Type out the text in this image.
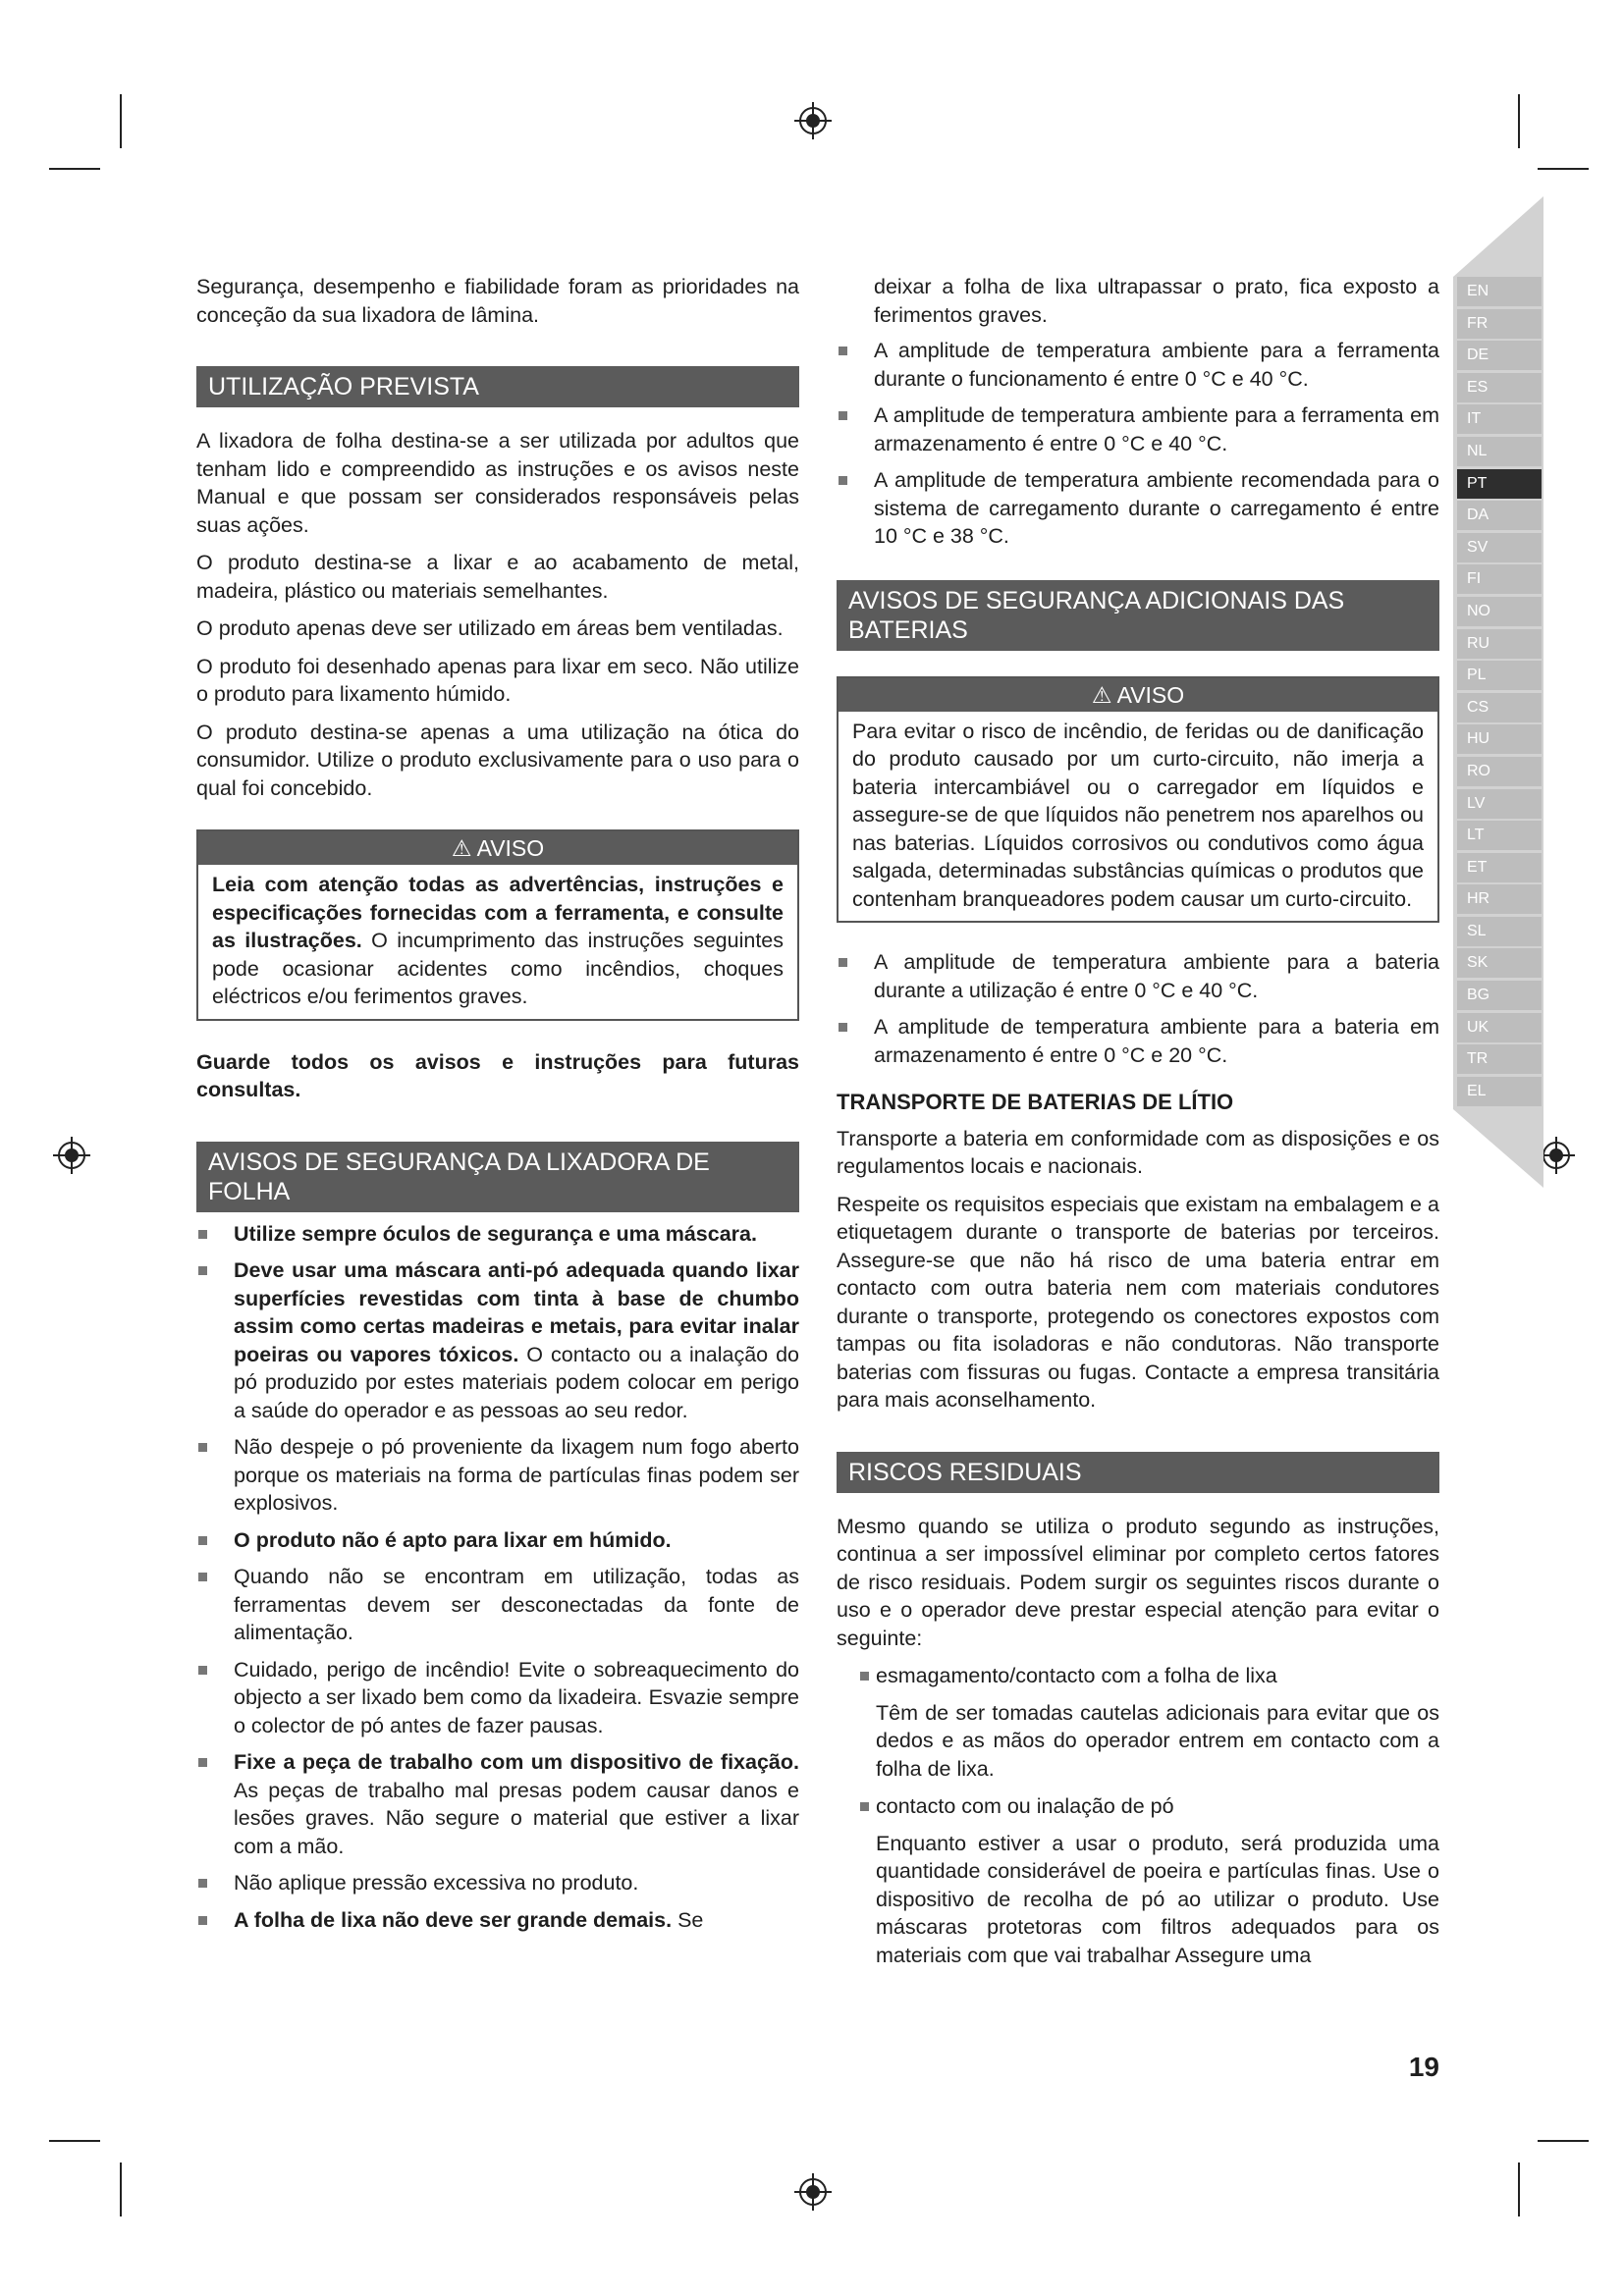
EN
FR
DE
ES
IT
NL
PT
DA
SV
FI
NO
RU
PL
CS
HU
RO
LV
LT
ET
HR
SL
SK
BG
UK
TR
EL

Segurança, desempenho e fiabilidade foram as prioridades na conceção da sua lixadora de lâmina.

UTILIZAÇÃO PREVISTA

A lixadora de folha destina-se a ser utilizada por adultos que tenham lido e compreendido as instruções e os avisos neste Manual e que possam ser considerados responsáveis pelas suas ações.

O produto destina-se a lixar e ao acabamento de metal, madeira, plástico ou materiais semelhantes.

O produto apenas deve ser utilizado em áreas bem ventiladas.

O produto foi desenhado apenas para lixar em seco. Não utilize o produto para lixamento húmido.

O produto destina-se apenas a uma utilização na ótica do consumidor. Utilize o produto exclusivamente para o uso para o qual foi concebido.

⚠ AVISO
Leia com atenção todas as advertências, instruções e especificações fornecidas com a ferramenta, e consulte as ilustrações. O incumprimento das instruções seguintes pode ocasionar acidentes como incêndios, choques eléctricos e/ou ferimentos graves.

Guarde todos os avisos e instruções para futuras consultas.

AVISOS DE SEGURANÇA DA LIXADORA DE FOLHA
Utilize sempre óculos de segurança e uma máscara.
Deve usar uma máscara anti-pó adequada quando lixar superfícies revestidas com tinta à base de chumbo assim como certas madeiras e metais, para evitar inalar poeiras ou vapores tóxicos. O contacto ou a inalação do pó produzido por estes materiais podem colocar em perigo a saúde do operador e as pessoas ao seu redor.
Não despeje o pó proveniente da lixagem num fogo aberto porque os materiais na forma de partículas finas podem ser explosivos.
O produto não é apto para lixar em húmido.
Quando não se encontram em utilização, todas as ferramentas devem ser desconectadas da fonte de alimentação.
Cuidado, perigo de incêndio! Evite o sobreaquecimento do objecto a ser lixado bem como da lixadeira. Esvazie sempre o colector de pó antes de fazer pausas.
Fixe a peça de trabalho com um dispositivo de fixação. As peças de trabalho mal presas podem causar danos e lesões graves. Não segure o material que estiver a lixar com a mão.
Não aplique pressão excessiva no produto.
A folha de lixa não deve ser grande demais. Se

deixar a folha de lixa ultrapassar o prato, fica exposto a ferimentos graves.

A amplitude de temperatura ambiente para a ferramenta durante o funcionamento é entre 0 °C e 40 °C.
A amplitude de temperatura ambiente para a ferramenta em armazenamento é entre 0 °C e 40 °C.
A amplitude de temperatura ambiente recomendada para o sistema de carregamento durante o carregamento é entre 10 °C e 38 °C.
AVISOS DE SEGURANÇA ADICIONAIS DAS BATERIAS
⚠ AVISO
Para evitar o risco de incêndio, de feridas ou de danificação do produto causado por um curto-circuito, não imerja a bateria intercambiável ou o carregador em líquidos e assegure-se de que líquidos não penetrem nos aparelhos ou nas baterias. Líquidos corrosivos ou condutivos como água salgada, determinadas substâncias químicas o produtos que contenham branqueadores podem causar um curto-circuito.
A amplitude de temperatura ambiente para a bateria durante a utilização é entre 0 °C e 40 °C.
A amplitude de temperatura ambiente para a bateria em armazenamento é entre 0 °C e 20 °C.
TRANSPORTE DE BATERIAS DE LÍTIO

Transporte a bateria em conformidade com as disposições e os regulamentos locais e nacionais.

Respeite os requisitos especiais que existam na embalagem e a etiquetagem durante o transporte de baterias por terceiros. Assegure-se que não há risco de uma bateria entrar em contacto com outra bateria nem com materiais condutores durante o transporte, protegendo os conectores expostos com tampas ou fita isoladoras e não condutoras. Não transporte baterias com fissuras ou fugas. Contacte a empresa transitária para mais aconselhamento.

RISCOS RESIDUAIS

Mesmo quando se utiliza o produto segundo as instruções, continua a ser impossível eliminar por completo certos fatores de risco residuais. Podem surgir os seguintes riscos durante o uso e o operador deve prestar especial atenção para evitar o seguinte:

esmagamento/contacto com a folha de lixa

Têm de ser tomadas cautelas adicionais para evitar que os dedos e as mãos do operador entrem em contacto com a folha de lixa.

contacto com ou inalação de pó

Enquanto estiver a usar o produto, será produzida uma quantidade considerável de poeira e partículas finas. Use o dispositivo de recolha de pó ao utilizar o produto. Use máscaras protetoras com filtros adequados para os materiais com que vai trabalhar Assegure uma

19
